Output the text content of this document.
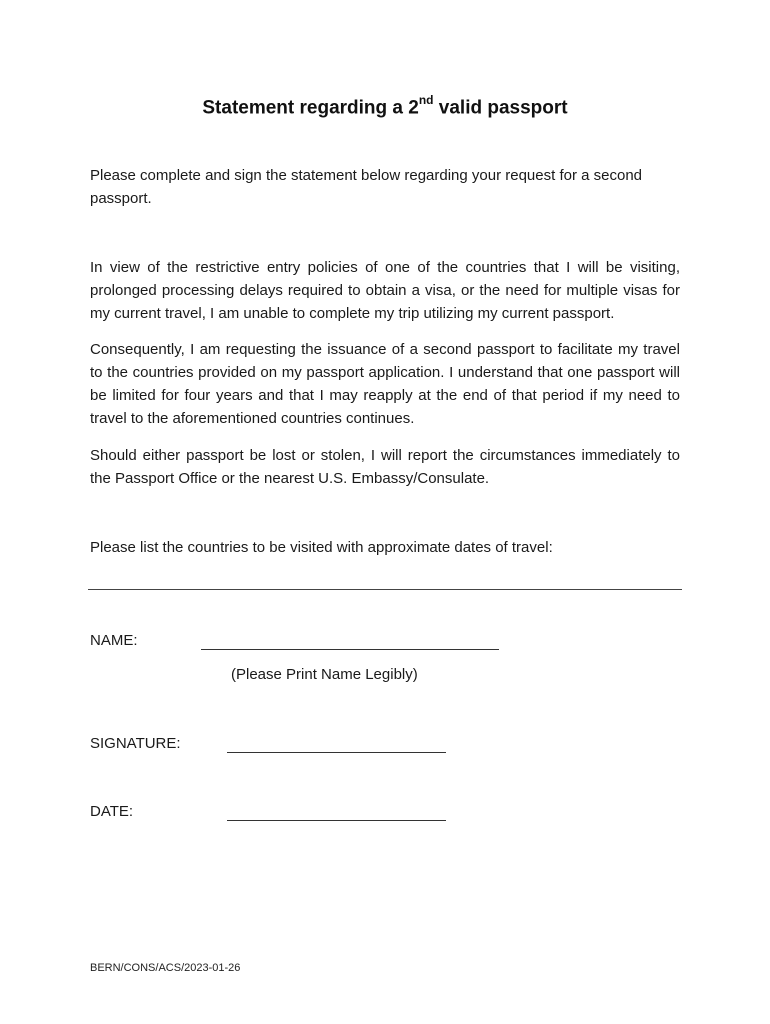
Statement regarding a 2nd valid passport
Please complete and sign the statement below regarding your request for a second passport.
In view of the restrictive entry policies of one of the countries that I will be visiting, prolonged processing delays required to obtain a visa, or the need for multiple visas for my current travel, I am unable to complete my trip utilizing my current passport.
Consequently, I am requesting the issuance of a second passport to facilitate my travel to the countries provided on my passport application. I understand that one passport will be limited for four years and that I may reapply at the end of that period if my need to travel to the aforementioned countries continues.
Should either passport be lost or stolen, I will report the circumstances immediately to the Passport Office or the nearest U.S. Embassy/Consulate.
Please list the countries to be visited with approximate dates of travel:
NAME:
(Please Print Name Legibly)
SIGNATURE:
DATE:
BERN/CONS/ACS/2023-01-26
